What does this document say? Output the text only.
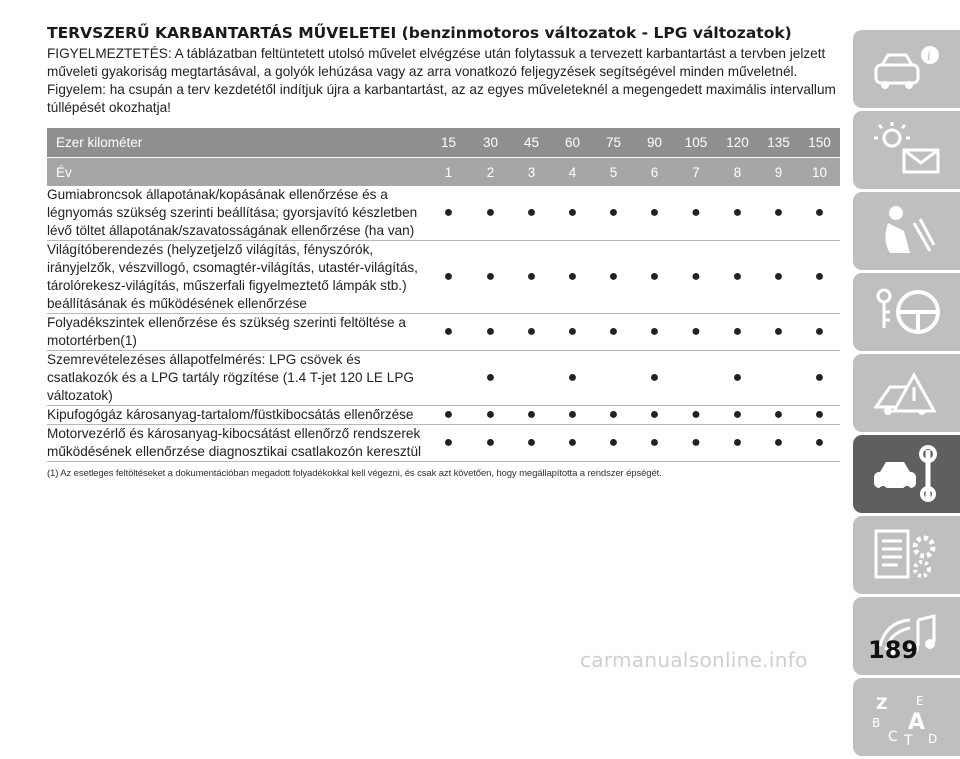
TERVSZERŰ KARBANTARTÁS MŰVELETEI (benzinmotoros változatok - LPG változatok)

FIGYELMEZTETÉS: A táblázatban feltüntetett utolsó művelet elvégzése után folytassuk a tervezett karbantartást a tervben jelzett műveleti gyakoriság megtartásával, a golyók lehúzása vagy az arra vonatkozó feljegyzések segítségével minden műveletnél. Figyelem: ha csupán a terv kezdetétől indítjuk újra a karbantartást, az az egyes műveleteknél a megengedett maximális intervallum túllépését okozhatja!

Ezer kilométer	15	30	45	60	75	90	105	120	135	150
Év	1	2	3	4	5	6	7	8	9	10
Gumiabroncsok állapotának/kopásának ellenőrzése és a légnyomás szükség szerinti beállítása; gyorsjavító készletben lévő töltet állapotának/szavatosságának ellenőrzése (ha van)	●	●	●	●	●	●	●	●	●	●
Világítóberendezés (helyzetjelző világítás, fényszórók, irányjelzők, vészvillogó, csomagtér-világítás, utastér-világítás, tárolórekesz-világítás, műszerfali figyelmeztető lámpák stb.) beállításának és működésének ellenőrzése	●	●	●	●	●	●	●	●	●	●
Folyadékszintek ellenőrzése és szükség szerinti feltöltése a motortérben(1)	●	●	●	●	●	●	●	●	●	●
Szemrevételezéses állapotfelmérés: LPG csövek és csatlakozók és a LPG tartály rögzítése (1.4 T-jet 120 LE LPG változatok)		●		●		●		●		●
Kipufogógáz károsanyag-tartalom/füstkibocsátás ellenőrzése	●	●	●	●	●	●	●	●	●	●
Motorvezérlő és károsanyag-kibocsátást ellenőrző rendszerek működésének ellenőrzése diagnosztikai csatlakozón keresztül	●	●	●	●	●	●	●	●	●	●
(1) Az esetleges feltöltéseket a dokumentációban megadott folyadékokkal kell végezni, és csak azt követően, hogy megállapította a rendszer épségét.
i
Z E
B A
C T D
189
carmanualsonline.info
